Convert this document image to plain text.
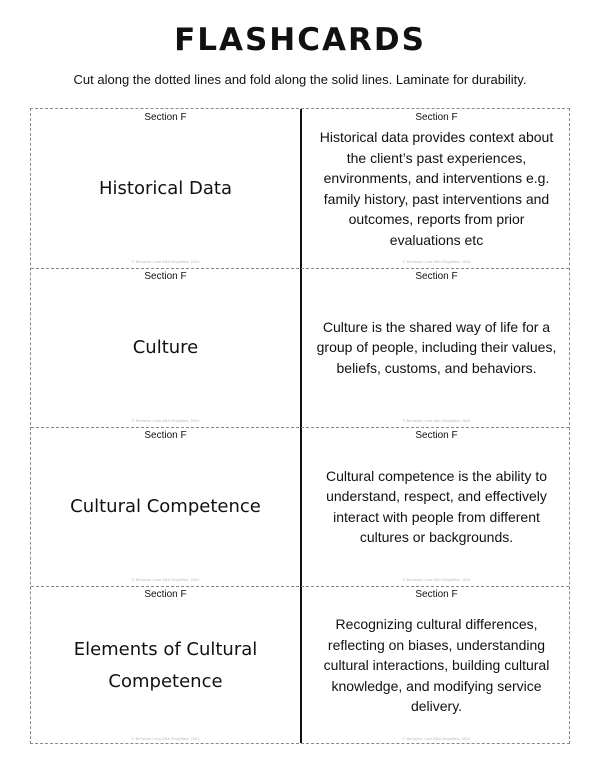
FLASHCARDS

Cut along the dotted lines and fold along the solid lines. Laminate for durability.

Section F
Historical Data
© Behavior Love ABA Simplified, 2024
Section F
Historical data provides context about the client’s past experiences, environments, and interventions e.g. family history, past interventions and outcomes, reports from prior evaluations etc
© Behavior Love ABA Simplified, 2024
Section F
Culture
© Behavior Love ABA Simplified, 2024
Section F
Culture is the shared way of life for a group of people, including their values, beliefs, customs, and behaviors.
© Behavior Love ABA Simplified, 2024
Section F
Cultural Competence
© Behavior Love ABA Simplified, 2024
Section F
Cultural competence is the ability to understand, respect, and effectively interact with people from different cultures or backgrounds.
© Behavior Love ABA Simplified, 2024
Section F
Elements of Cultural Competence
© Behavior Love ABA Simplified, 2024
Section F
Recognizing cultural differences, reflecting on biases, understanding cultural interactions, building cultural knowledge, and modifying service delivery.
© Behavior Love ABA Simplified, 2024
